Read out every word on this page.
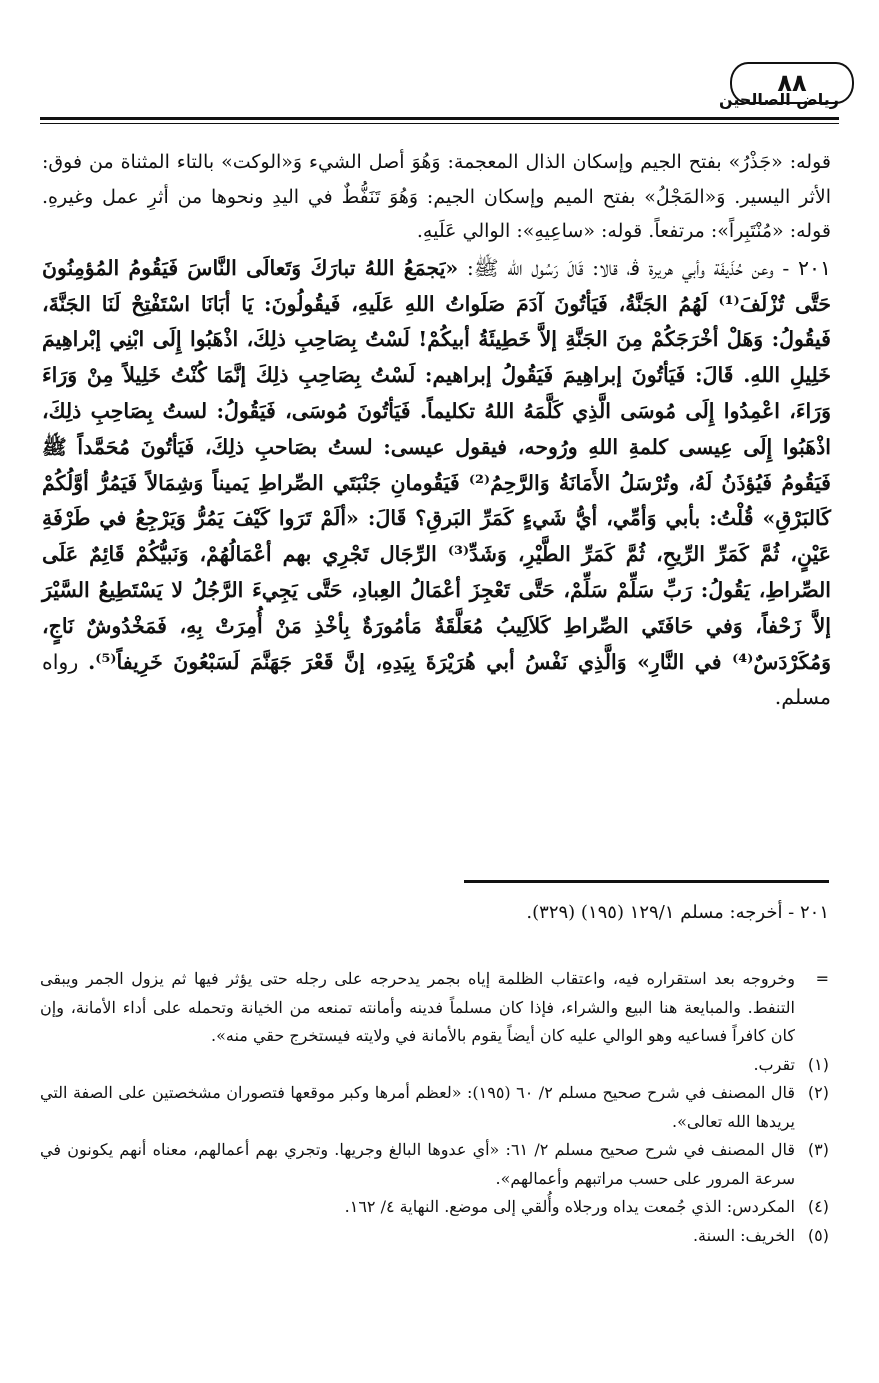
رياض الصالحين
٨٨

قوله: «جَذْرُ» بفتح الجيم وإسكان الذال المعجمة: وَهُوَ أصل الشيء وَ«الوكت» بالتاء المثناة من فوق: الأثر اليسير. وَ«المَجْلُ» بفتح الميم وإسكان الجيم: وَهُوَ تَنَفُّطٌ في اليدِ ونحوها من أثرِ عمل وغيرهِ. قوله: «مُنْتَبِراً»: مرتفعاً. قوله: «ساعِيهِ»: الوالي عَلَيهِ.

٢٠١ - وعن حُذَيفَة وأبي هريرة ﭬ، قالا: قَالَ رَسُول الله ﷺ: «يَجمَعُ اللهُ تبارَكَ وَتَعالَى النَّاسَ فَيَقُومُ المُؤمِنُونَ حَتَّى تُزْلَفَ⁽¹⁾ لَهُمُ الجَنَّةُ، فَيَأتُونَ آدَمَ صَلَواتُ اللهِ عَلَيهِ، فَيقُولُونَ: يَا أبَانَا اسْتَفْتِحْ لَنَا الجَنَّةَ، فَيقُولُ: وَهَلْ أخْرَجَكُمْ مِنَ الجَنَّةِ إلاَّ خَطِيئَةُ أبيكُمْ! لَسْتُ بِصَاحِبِ ذلِكَ، اذْهَبُوا إِلَى ابْنِي إبْراهِيمَ خَلِيلِ اللهِ. قَالَ: فَيَأتُونَ إبراهِيمَ فَيَقُولُ إبراهيم: لَسْتُ بِصَاحِبِ ذلِكَ إنَّمَا كُنْتُ خَلِيلاً مِنْ وَرَاءَ وَرَاءَ، اعْمِدُوا إِلَى مُوسَى الَّذِي كَلَّمَهُ اللهُ تكليماً. فَيَأتُونَ مُوسَى، فَيَقُولُ: لستُ بِصَاحِبِ ذلِكَ، اذْهَبُوا إِلَى عِيسى كلمةِ اللهِ ورُوحه، فيقول عيسى: لستُ بصَاحبِ ذلِكَ، فَيَأتُونَ مُحَمَّداً ﷺ فَيَقُومُ فَيُؤذَنُ لَهُ، وتُرْسَلُ الأَمَانَةُ وَالرَّحِمُ⁽²⁾ فَيَقُومانِ جَنْبَتَي الصِّراطِ يَميناً وَشِمَالاً فَيَمُرُّ أوَّلُكُمْ كَالبَرْقِ» قُلْتُ: بأبي وَأمِّي، أيُّ شَيءٍ كَمَرِّ البَرقِ؟ قَالَ: «ألَمْ تَرَوا كَيْفَ يَمُرُّ وَيَرْجِعُ في طَرْفَةِ عَيْنٍ، ثُمَّ كَمَرِّ الرِّيحِ، ثُمَّ كَمَرِّ الطَّيْرِ، وَشَدِّ⁽³⁾ الرِّجَال تَجْرِي بهم أعْمَالُهُمْ، وَنَبيُّكُمْ قَائِمٌ عَلَى الصِّراطِ، يَقُولُ: رَبِّ سَلِّمْ سَلِّمْ، حَتَّى تَعْجِزَ أعْمَالُ العِبادِ، حَتَّى يَجِيءَ الرَّجُلُ لا يَسْتَطِيعُ السَّيْرَ إلاَّ زَحْفاً، وَفي حَافَتَي الصِّراطِ كَلاَلِيبُ مُعَلَّقَةٌ مَأمُورَةٌ بِأخْذِ مَنْ أُمِرَتْ بِهِ، فَمَخْدُوشٌ نَاجٍ، وَمُكَرْدَسٌ⁽⁴⁾ في النَّارِ» وَالَّذِي نَفْسُ أبي هُرَيْرَةَ بِيَدِهِ، إنَّ قَعْرَ جَهَنَّمَ لَسَبْعُونَ خَرِيفاً⁽⁵⁾. رواه مسلم.

٢٠١ - أخرجه: مسلم ١٢٩/١ (١٩٥) (٣٢٩).
=
وخروجه بعد استقراره فيه، واعتقاب الظلمة إياه بجمر يدحرجه على رجله حتى يؤثر فيها ثم يزول الجمر ويبقى التنفط. والمبايعة هنا البيع والشراء، فإذا كان مسلماً فدينه وأمانته تمنعه من الخيانة وتحمله على أداء الأمانة، وإن كان كافراً فساعيه وهو الوالي عليه كان أيضاً يقوم بالأمانة في ولايته فيستخرج حقي منه».
(١)
تقرب.
(٢)
قال المصنف في شرح صحيح مسلم ٢/ ٦٠ (١٩٥): «لعظم أمرها وكبر موقعها فتصوران مشخصتين على الصفة التي يريدها الله تعالى».
(٣)
قال المصنف في شرح صحيح مسلم ٢/ ٦١: «أي عدوها البالغ وجريها. وتجري بهم أعمالهم، معناه أنهم يكونون في سرعة المرور على حسب مراتبهم وأعمالهم».
(٤)
المكردس: الذي جُمعت يداه ورجلاه وأُلقي إلى موضع. النهاية ٤/ ١٦٢.
(٥)
الخريف: السنة.
